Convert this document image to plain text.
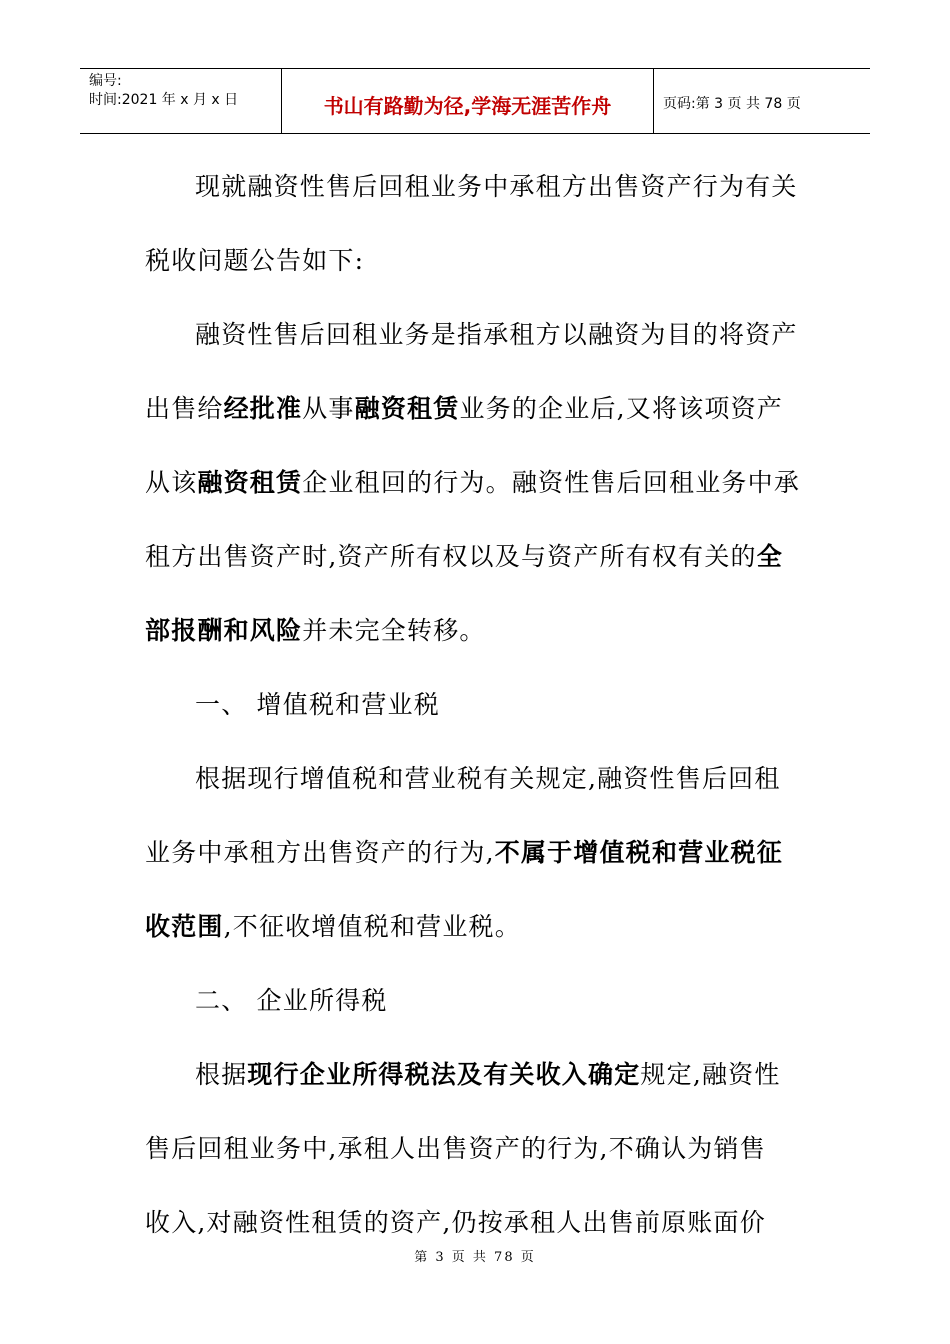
编号:
时间:2021 年 x 月 x 日	书山有路勤为径,学海无涯苦作舟	页码:第 3 页 共 78 页
现就融资性售后回租业务中承租方出售资产行为有关
税收问题公告如下:
融资性售后回租业务是指承租方以融资为目的将资产
出售给经批准从事融资租赁业务的企业后,又将该项资产
从该融资租赁企业租回的行为。融资性售后回租业务中承
租方出售资产时,资产所有权以及与资产所有权有关的全
部报酬和风险并未完全转移。
一、 增值税和营业税
根据现行增值税和营业税有关规定,融资性售后回租
业务中承租方出售资产的行为,不属于增值税和营业税征
收范围,不征收增值税和营业税。
二、 企业所得税
根据现行企业所得税法及有关收入确定规定,融资性
售后回租业务中,承租人出售资产的行为,不确认为销售
收入,对融资性租赁的资产,仍按承租人出售前原账面价
第 3 页 共 78 页
